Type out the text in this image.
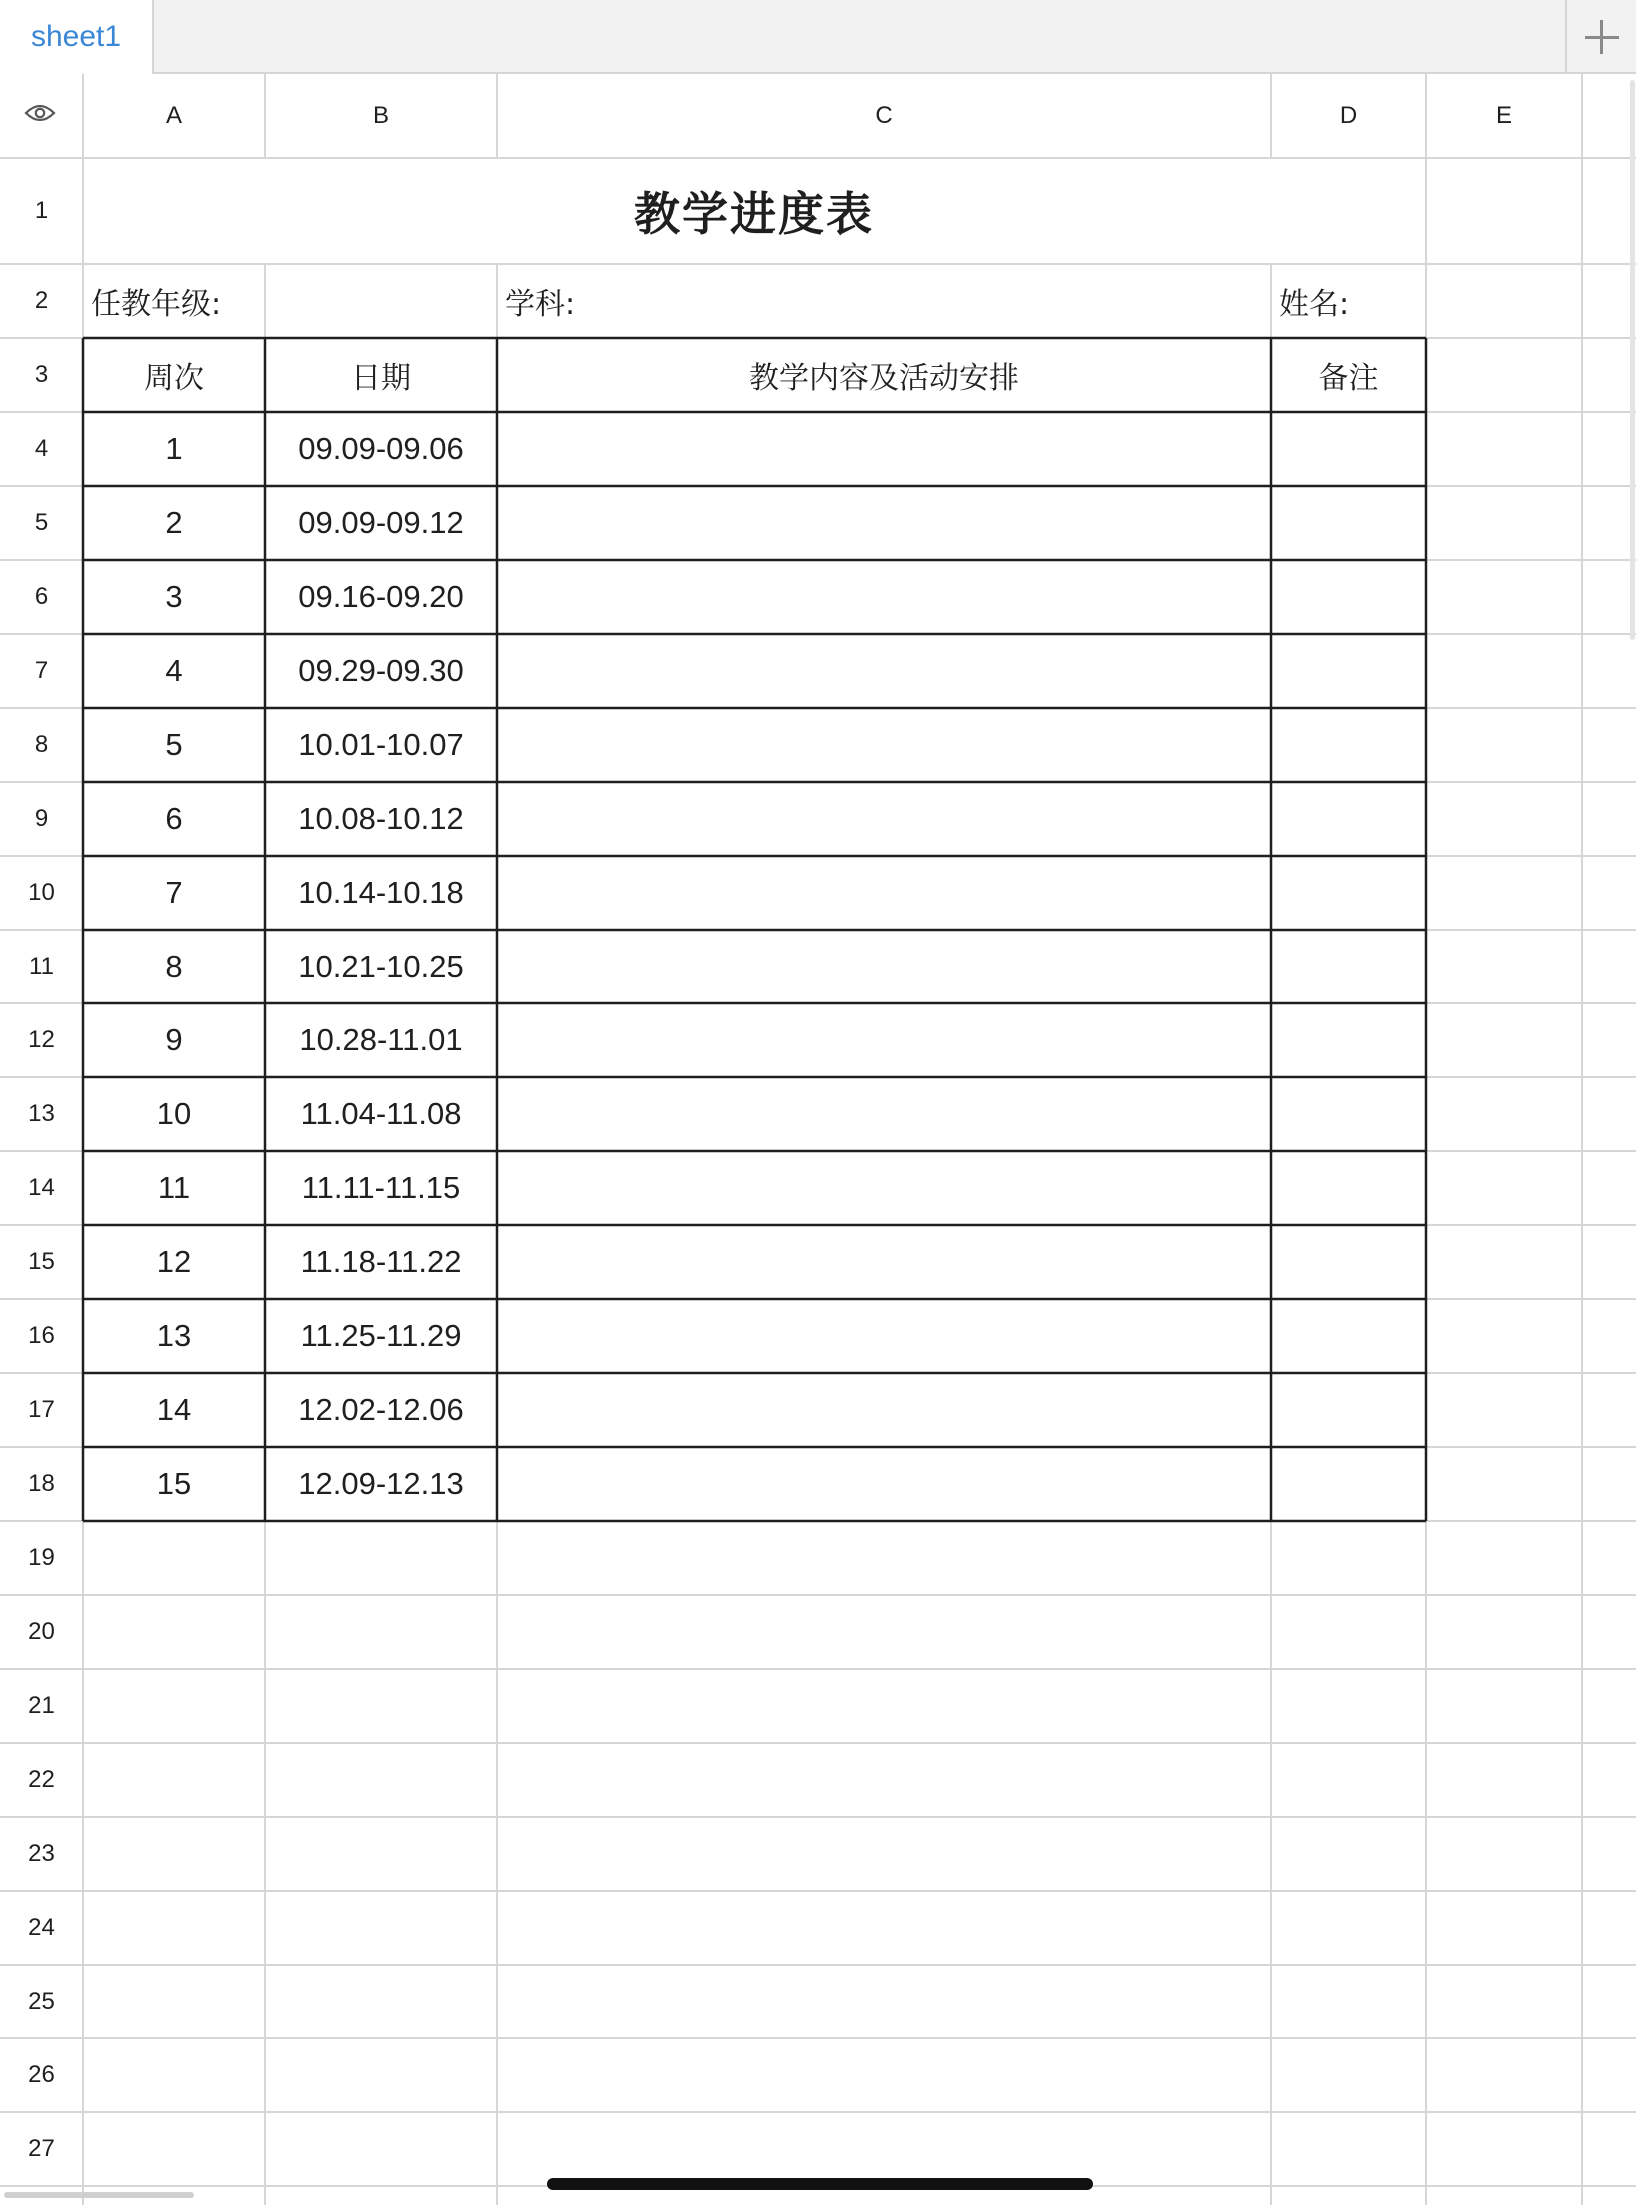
sheet1
A	B	C	D	E
1
2
3
4
5
6
7
8
9
10
11
12
13
14
15
16
17
18
19
20
21
22
23
24
25
26
27
教学进度表
任教年级:	学科:	姓名:
周次	日期	教学内容及活动安排	备注
1	09.09-09.06
2	09.09-09.12
3	09.16-09.20
4	09.29-09.30
5	10.01-10.07
6	10.08-10.12
7	10.14-10.18
8	10.21-10.25
9	10.28-11.01
10	11.04-11.08
11	11.11-11.15
12	11.18-11.22
13	11.25-11.29
14	12.02-12.06
15	12.09-12.13
